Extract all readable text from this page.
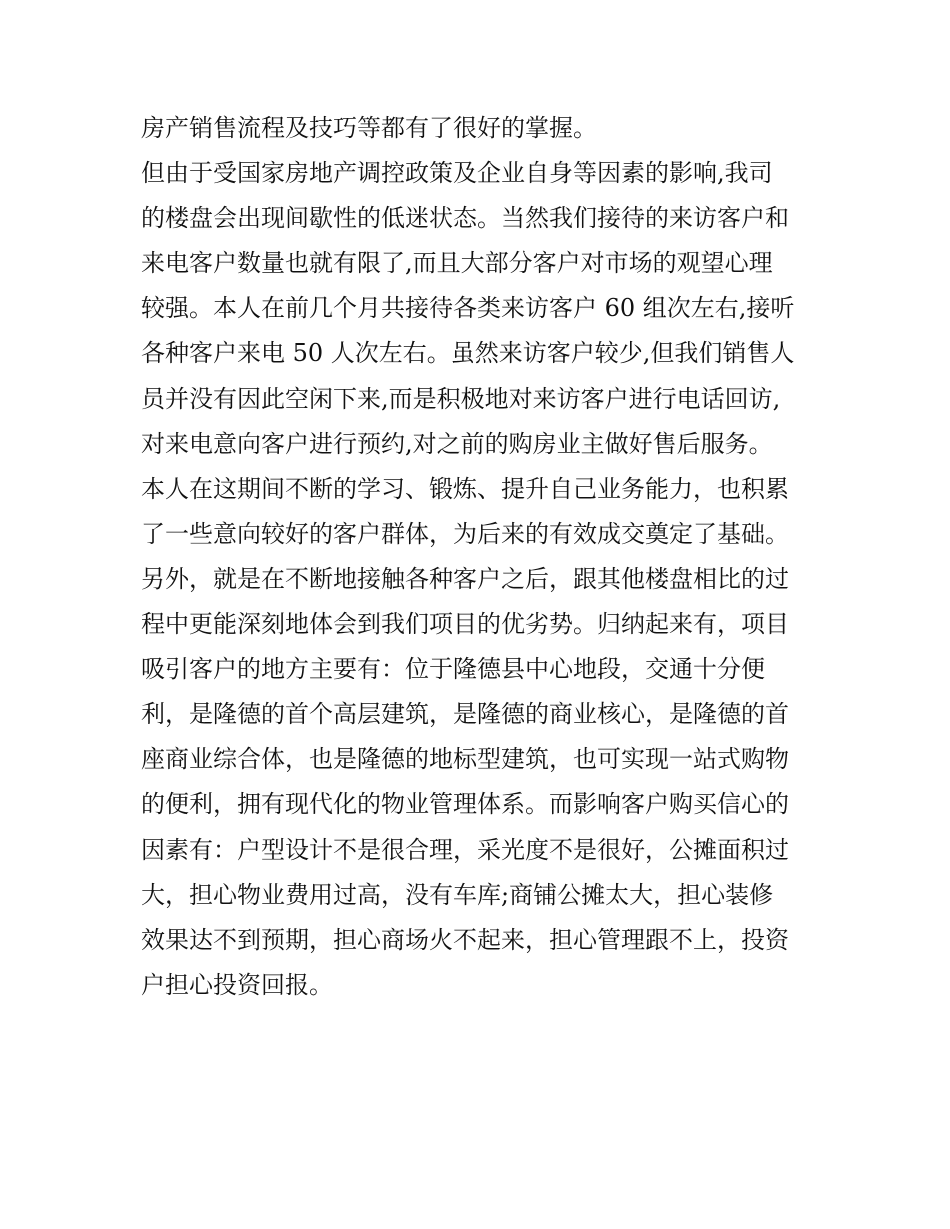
房产销售流程及技巧等都有了很好的掌握。
但由于受国家房地产调控政策及企业自身等因素的影响,我司
的楼盘会出现间歇性的低迷状态。当然我们接待的来访客户和
来电客户数量也就有限了,而且大部分客户对市场的观望心理
较强。本人在前几个月共接待各类来访客户 60 组次左右,接听
各种客户来电 50 人次左右。虽然来访客户较少,但我们销售人
员并没有因此空闲下来,而是积极地对来访客户进行电话回访,
对来电意向客户进行预约,对之前的购房业主做好售后服务。
本人在这期间不断的学习、锻炼、提升自己业务能力，也积累
了一些意向较好的客户群体，为后来的有效成交奠定了基础。
另外，就是在不断地接触各种客户之后，跟其他楼盘相比的过
程中更能深刻地体会到我们项目的优劣势。归纳起来有，项目
吸引客户的地方主要有：位于隆德县中心地段，交通十分便
利，是隆德的首个高层建筑，是隆德的商业核心，是隆德的首
座商业综合体，也是隆德的地标型建筑，也可实现一站式购物
的便利，拥有现代化的物业管理体系。而影响客户购买信心的
因素有：户型设计不是很合理，采光度不是很好，公摊面积过
大，担心物业费用过高，没有车库;商铺公摊太大，担心装修
效果达不到预期，担心商场火不起来，担心管理跟不上，投资
户担心投资回报。
